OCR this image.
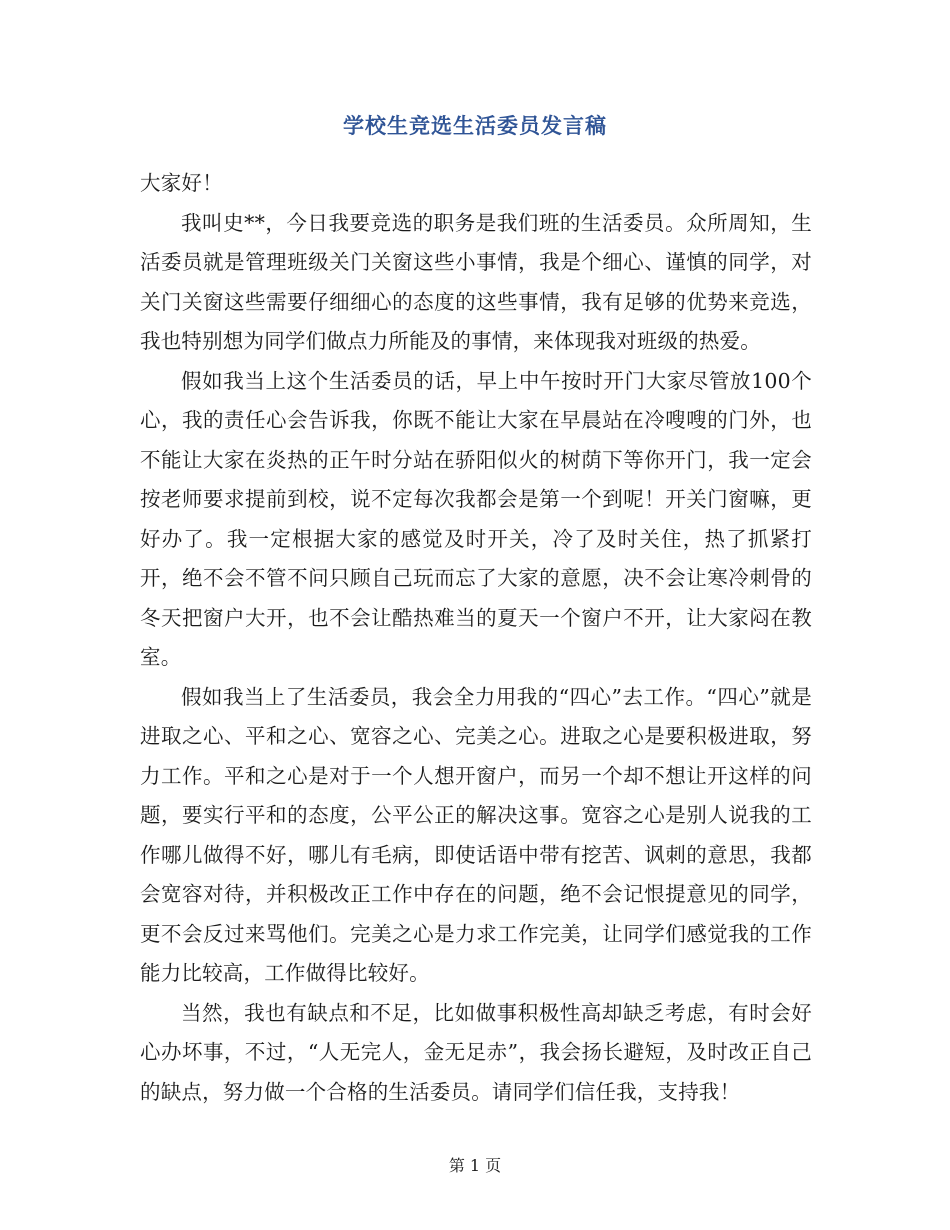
学校生竞选生活委员发言稿

大家好！

我叫史**，今日我要竞选的职务是我们班的生活委员。众所周知，生活委员就是管理班级关门关窗这些小事情，我是个细心、谨慎的同学，对关门关窗这些需要仔细细心的态度的这些事情，我有足够的优势来竞选，我也特别想为同学们做点力所能及的事情，来体现我对班级的热爱。

假如我当上这个生活委员的话，早上中午按时开门大家尽管放100个心，我的责任心会告诉我，你既不能让大家在早晨站在冷嗖嗖的门外，也不能让大家在炎热的正午时分站在骄阳似火的树荫下等你开门，我一定会按老师要求提前到校，说不定每次我都会是第一个到呢！开关门窗嘛，更好办了。我一定根据大家的感觉及时开关，冷了及时关住，热了抓紧打开，绝不会不管不问只顾自己玩而忘了大家的意愿，决不会让寒冷刺骨的冬天把窗户大开，也不会让酷热难当的夏天一个窗户不开，让大家闷在教室。

假如我当上了生活委员，我会全力用我的“四心”去工作。“四心”就是进取之心、平和之心、宽容之心、完美之心。进取之心是要积极进取，努力工作。平和之心是对于一个人想开窗户，而另一个却不想让开这样的问题，要实行平和的态度，公平公正的解决这事。宽容之心是别人说我的工作哪儿做得不好，哪儿有毛病，即使话语中带有挖苦、讽刺的意思，我都会宽容对待，并积极改正工作中存在的问题，绝不会记恨提意见的同学，更不会反过来骂他们。完美之心是力求工作完美，让同学们感觉我的工作能力比较高，工作做得比较好。

当然，我也有缺点和不足，比如做事积极性高却缺乏考虑，有时会好心办坏事，不过，“人无完人，金无足赤”，我会扬长避短，及时改正自己的缺点，努力做一个合格的生活委员。请同学们信任我，支持我！

第 1 页
